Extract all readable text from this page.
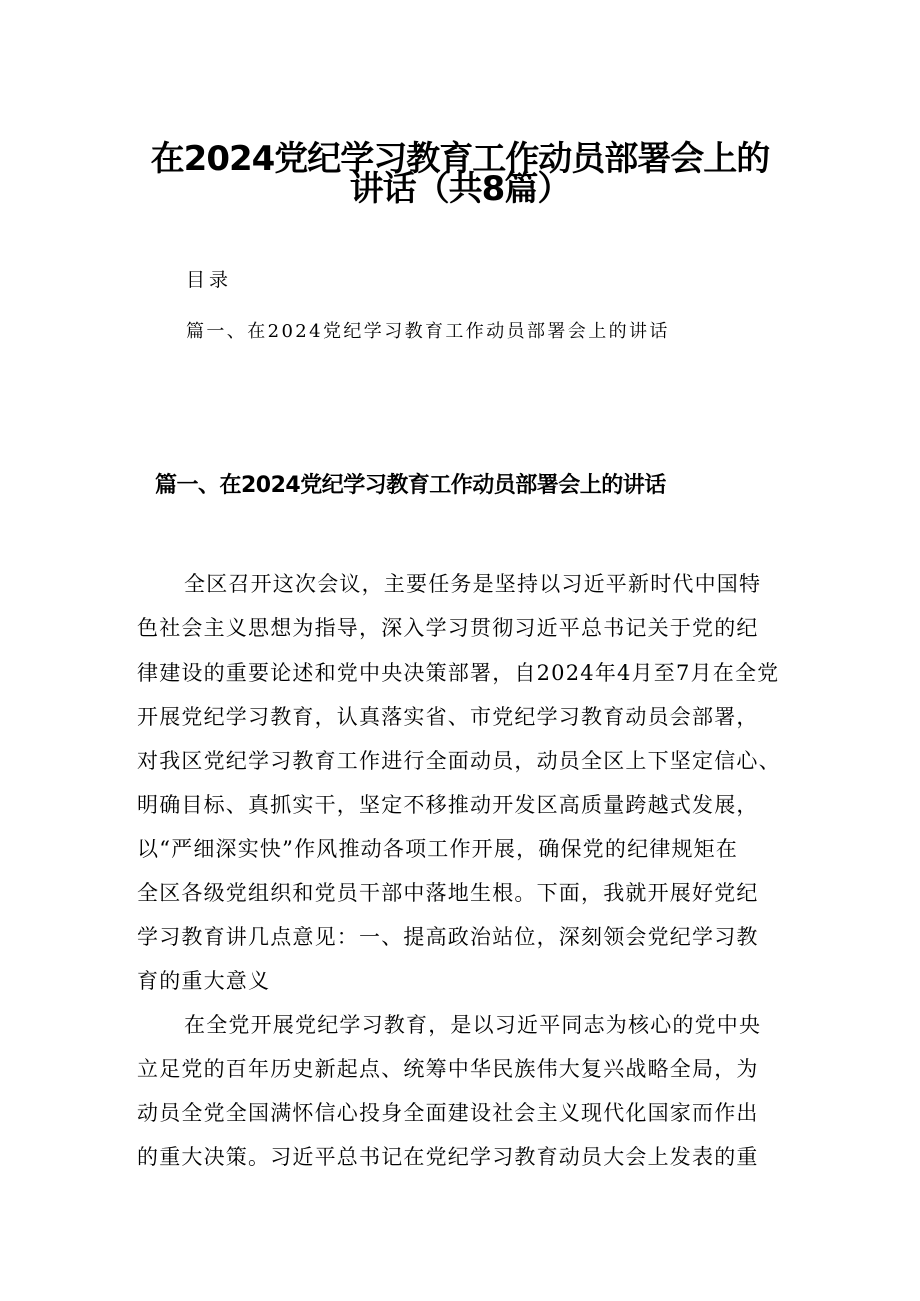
在2024党纪学习教育工作动员部署会上的
讲话（共8篇）
目录
篇一、在2024党纪学习教育工作动员部署会上的讲话
篇一、在2024党纪学习教育工作动员部署会上的讲话
全区召开这次会议，主要任务是坚持以习近平新时代中国特
色社会主义思想为指导，深入学习贯彻习近平总书记关于党的纪
律建设的重要论述和党中央决策部署，自2024年4月至7月在全党
开展党纪学习教育，认真落实省、市党纪学习教育动员会部署，
对我区党纪学习教育工作进行全面动员，动员全区上下坚定信心、
明确目标、真抓实干，坚定不移推动开发区高质量跨越式发展，
以“严细深实快”作风推动各项工作开展，确保党的纪律规矩在
全区各级党组织和党员干部中落地生根。下面，我就开展好党纪
学习教育讲几点意见：一、提高政治站位，深刻领会党纪学习教
育的重大意义
在全党开展党纪学习教育，是以习近平同志为核心的党中央
立足党的百年历史新起点、统筹中华民族伟大复兴战略全局，为
动员全党全国满怀信心投身全面建设社会主义现代化国家而作出
的重大决策。习近平总书记在党纪学习教育动员大会上发表的重
